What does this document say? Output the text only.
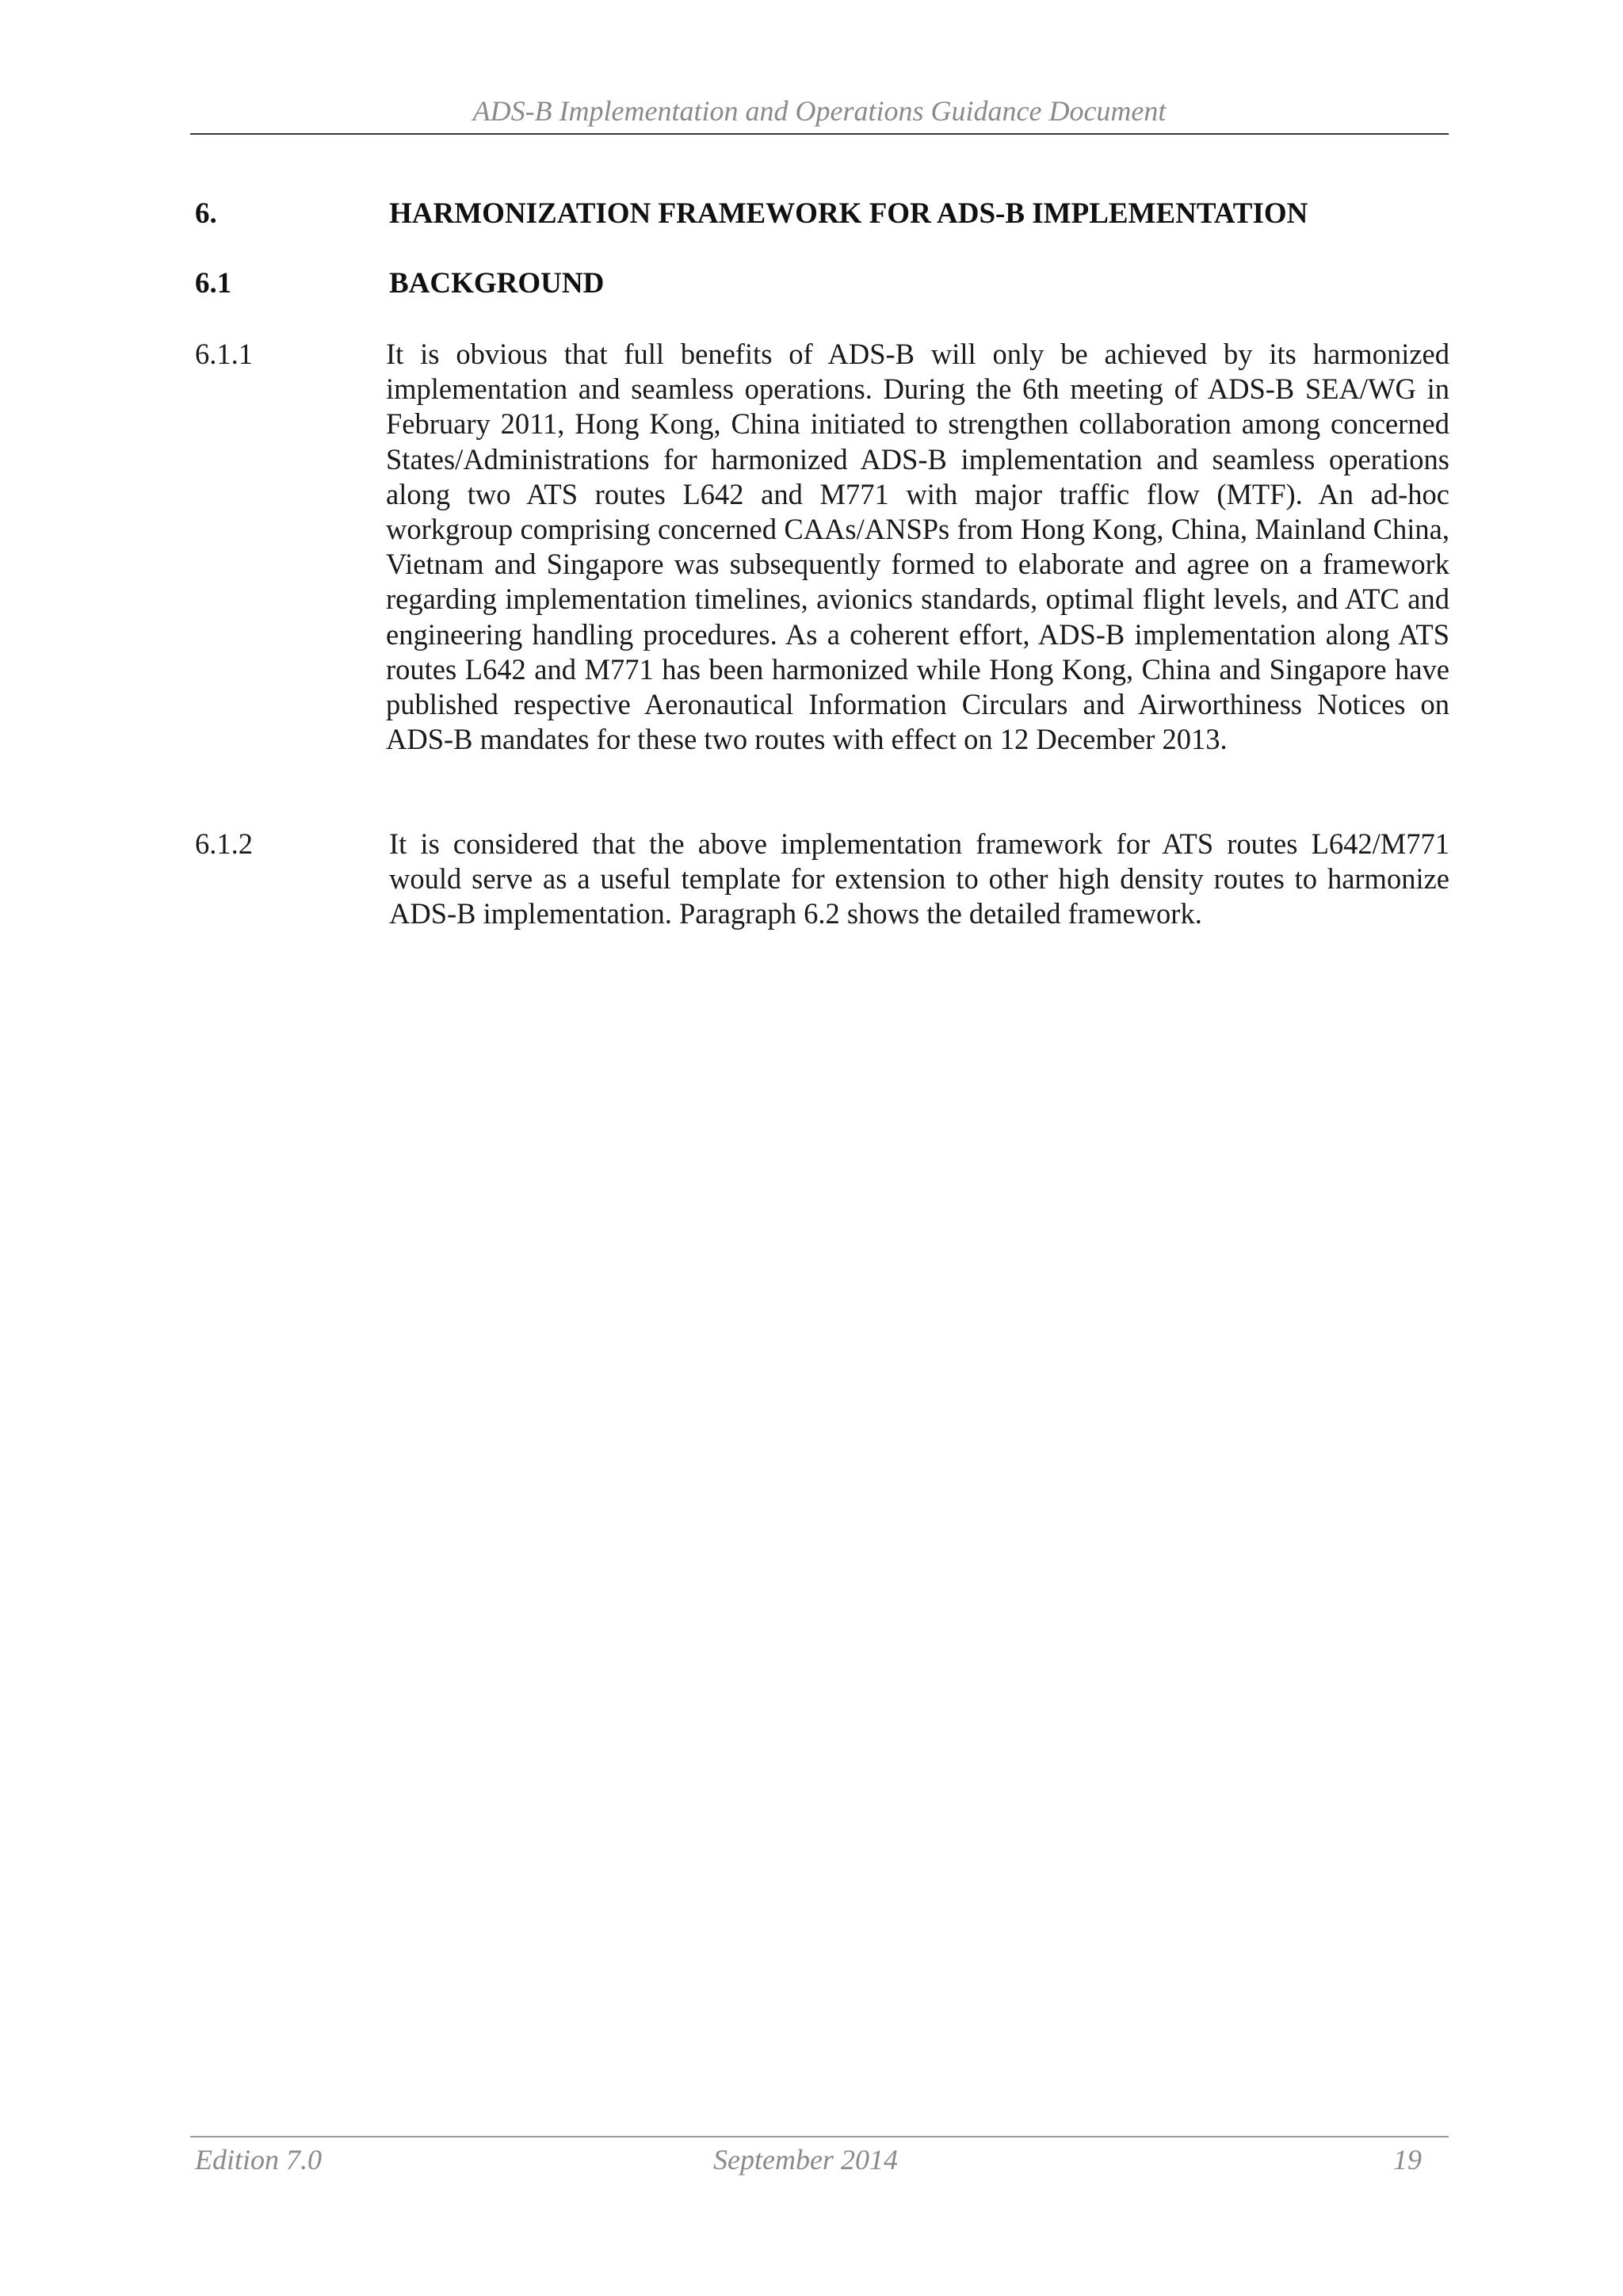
ADS-B Implementation and Operations Guidance Document
6.	HARMONIZATION FRAMEWORK FOR ADS-B IMPLEMENTATION
6.1	BACKGROUND
6.1.1	It is obvious that full benefits of ADS-B will only be achieved by its harmonized implementation and seamless operations. During the 6th meeting of ADS-B SEA/WG in February 2011, Hong Kong, China initiated to strengthen collaboration among concerned States/Administrations for harmonized ADS-B implementation and seamless operations along two ATS routes L642 and M771 with major traffic flow (MTF). An ad-hoc workgroup comprising concerned CAAs/ANSPs from Hong Kong, China, Mainland China, Vietnam and Singapore was subsequently formed to elaborate and agree on a framework regarding implementation timelines, avionics standards, optimal flight levels, and ATC and engineering handling procedures. As a coherent effort, ADS-B implementation along ATS routes L642 and M771 has been harmonized while Hong Kong, China and Singapore have published respective Aeronautical Information Circulars and Airworthiness Notices on ADS-B mandates for these two routes with effect on 12 December 2013.
6.1.2	It is considered that the above implementation framework for ATS routes L642/M771 would serve as a useful template for extension to other high density routes to harmonize ADS-B implementation. Paragraph 6.2 shows the detailed framework.
Edition 7.0	September 2014	19
